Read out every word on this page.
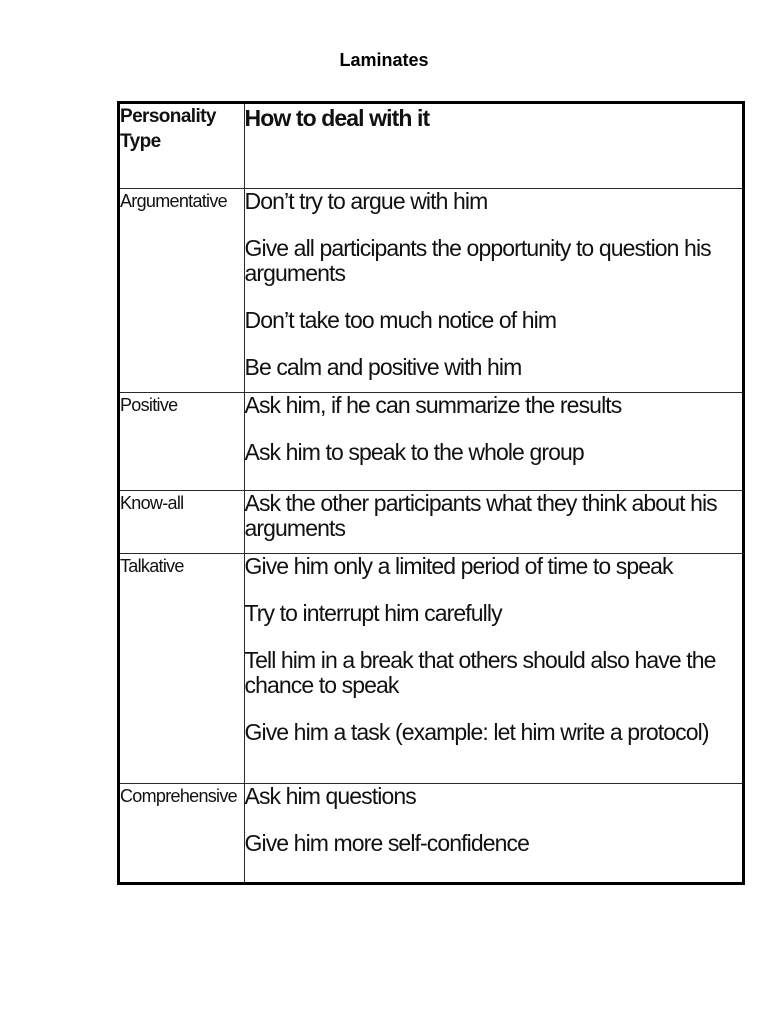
Laminates
Personality Type	How to deal with it
Argumentative	Don’t try to argue with him
Give all participants the opportunity to question his arguments
Don’t take too much notice of him
Be calm and positive with him

Positive	Ask him, if he can summarize the results
Ask him to speak to the whole group

Know-all	Ask the other participants what they think about his arguments

Talkative	Give him only a limited period of time to speak
Try to interrupt him carefully
Tell him in a break that others should also have the chance to speak
Give him a task (example: let him write a protocol)

Comprehensive	Ask him questions
Give him more self-confidence
